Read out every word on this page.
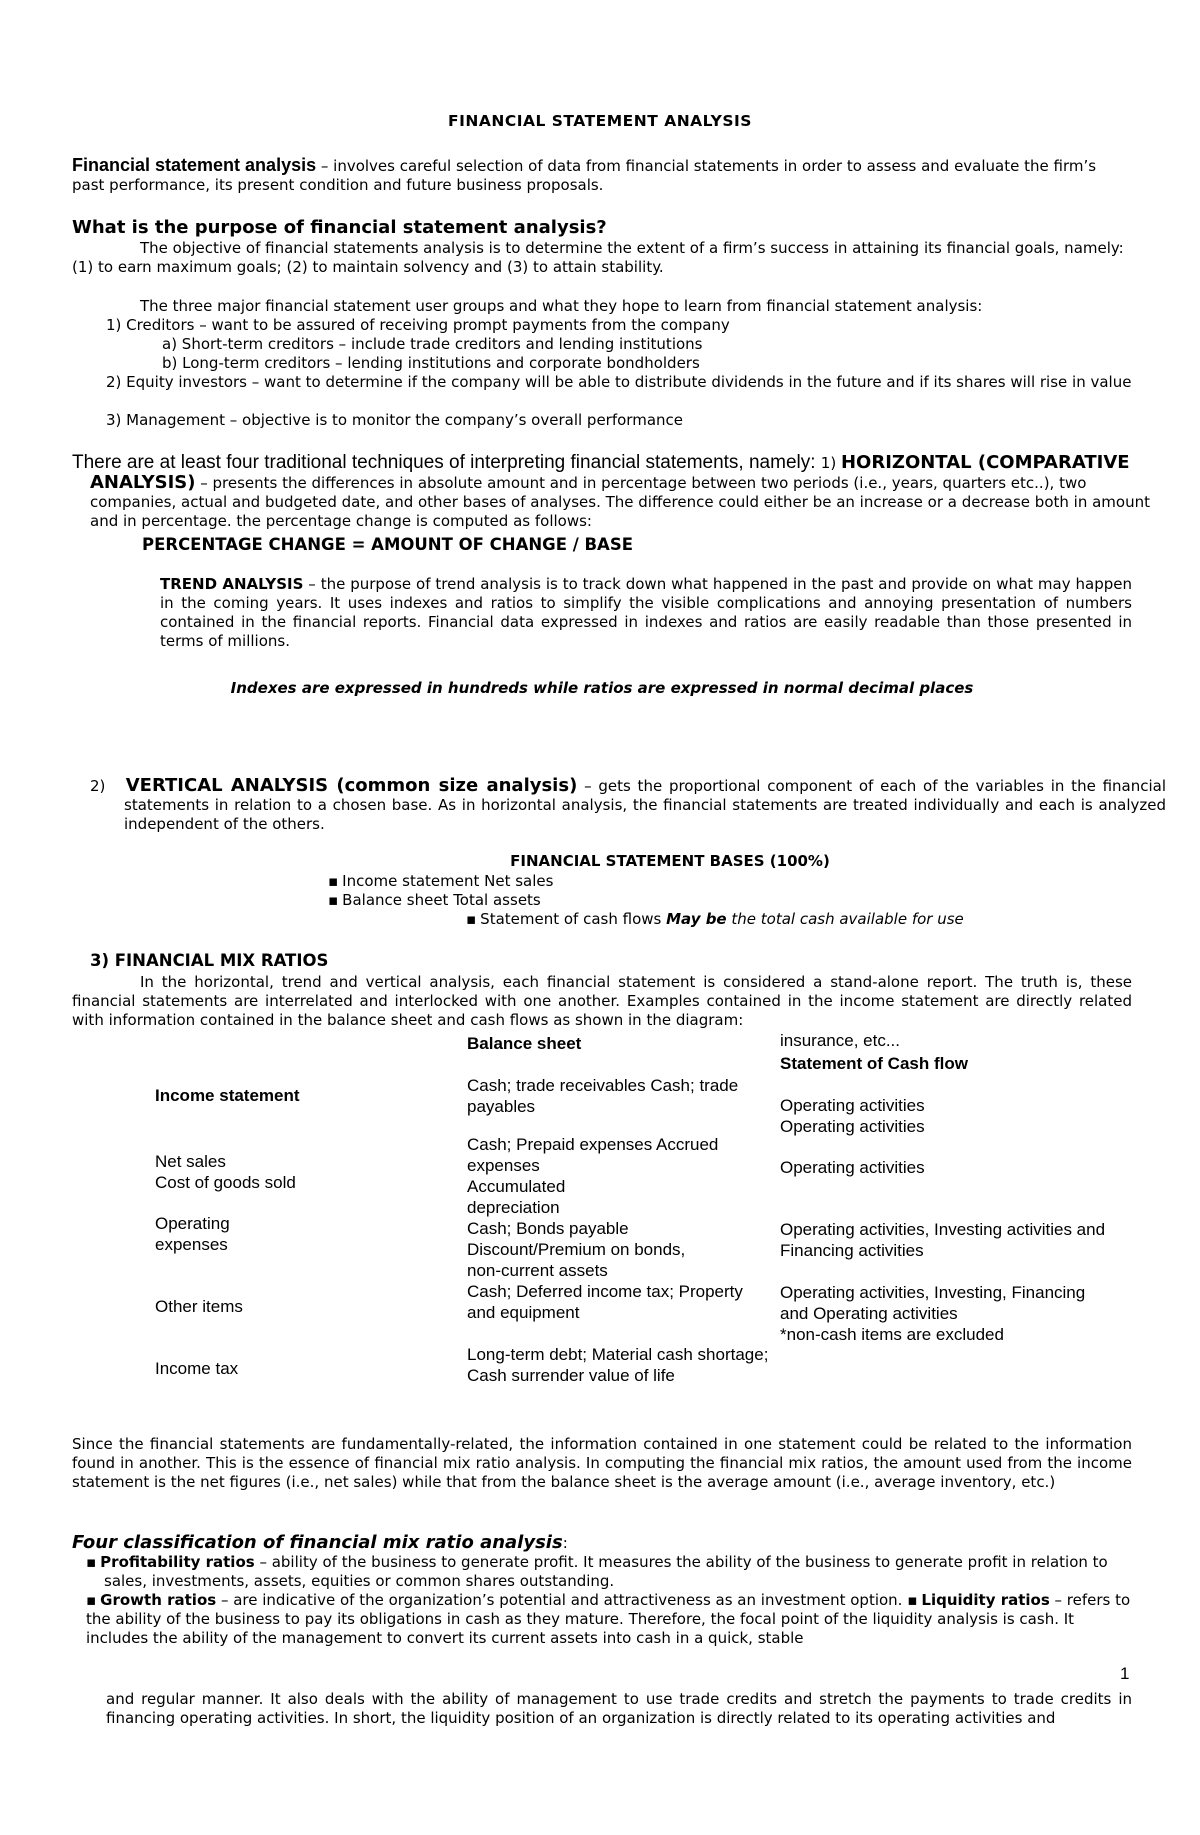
FINANCIAL STATEMENT ANALYSIS

Financial statement analysis – involves careful selection of data from financial statements in order to assess and evaluate the firm’s past performance, its present condition and future business proposals.

What is the purpose of financial statement analysis?

The objective of financial statements analysis is to determine the extent of a firm’s success in attaining its financial goals, namely: (1) to earn maximum goals; (2) to maintain solvency and (3) to attain stability.

The three major financial statement user groups and what they hope to learn from financial statement analysis:

1) Creditors – want to be assured of receiving prompt payments from the company

a) Short-term creditors – include trade creditors and lending institutions

b) Long-term creditors – lending institutions and corporate bondholders

2) Equity investors – want to determine if the company will be able to distribute dividends in the future and if its shares will rise in value

3) Management – objective is to monitor the company’s overall performance

There are at least four traditional techniques of interpreting financial statements, namely: 1) HORIZONTAL (COMPARATIVE ANALYSIS) – presents the differences in absolute amount and in percentage between two periods (i.e., years, quarters etc..), two companies, actual and budgeted date, and other bases of analyses. The difference could either be an increase or a decrease both in amount and in percentage. the percentage change is computed as follows:

PERCENTAGE CHANGE = AMOUNT OF CHANGE / BASE

TREND ANALYSIS – the purpose of trend analysis is to track down what happened in the past and provide on what may happen in the coming years. It uses indexes and ratios to simplify the visible complications and annoying presentation of numbers contained in the financial reports. Financial data expressed in indexes and ratios are easily readable than those presented in terms of millions.

Indexes are expressed in hundreds while ratios are expressed in normal decimal places

2) VERTICAL ANALYSIS (common size analysis) – gets the proportional component of each of the variables in the financial statements in relation to a chosen base. As in horizontal analysis, the financial statements are treated individually and each is analyzed independent of the others.

FINANCIAL STATEMENT BASES (100%)

▪ Income statement Net sales

▪ Balance sheet Total assets

▪ Statement of cash flows May be the total cash available for use

3) FINANCIAL MIX RATIOS

In the horizontal, trend and vertical analysis, each financial statement is considered a stand-alone report. The truth is, these financial statements are interrelated and interlocked with one another. Examples contained in the income statement are directly related with information contained in the balance sheet and cash flows as shown in the diagram:

Income statement

Net sales

Cost of goods sold

Operating expenses

Other items

Income tax

Balance sheet

Cash; trade receivables Cash; trade payables

Cash; Prepaid expenses Accrued expenses

Accumulated depreciation

Cash; Bonds payable

Discount/Premium on bonds, non-current assets

Cash; Deferred income tax; Property and equipment

Long-term debt; Material cash shortage; Cash surrender value of life

insurance, etc...

Statement of Cash flow

Operating activities

Operating activities

Operating activities

Operating activities, Investing activities and Financing activities

Operating activities, Investing, Financing and Operating activities

*non-cash items are excluded

Since the financial statements are fundamentally-related, the information contained in one statement could be related to the information found in another. This is the essence of financial mix ratio analysis. In computing the financial mix ratios, the amount used from the income statement is the net figures (i.e., net sales) while that from the balance sheet is the average amount (i.e., average inventory, etc.)

Four classification of financial mix ratio analysis:

▪ Profitability ratios – ability of the business to generate profit. It measures the ability of the business to generate profit in relation to sales, investments, assets, equities or common shares outstanding.

▪ Growth ratios – are indicative of the organization’s potential and attractiveness as an investment option. ▪ Liquidity ratios – refers to the ability of the business to pay its obligations in cash as they mature. Therefore, the focal point of the liquidity analysis is cash. It includes the ability of the management to convert its current assets into cash in a quick, stable

1

and regular manner. It also deals with the ability of management to use trade credits and stretch the payments to trade credits in financing operating activities. In short, the liquidity position of an organization is directly related to its operating activities and
